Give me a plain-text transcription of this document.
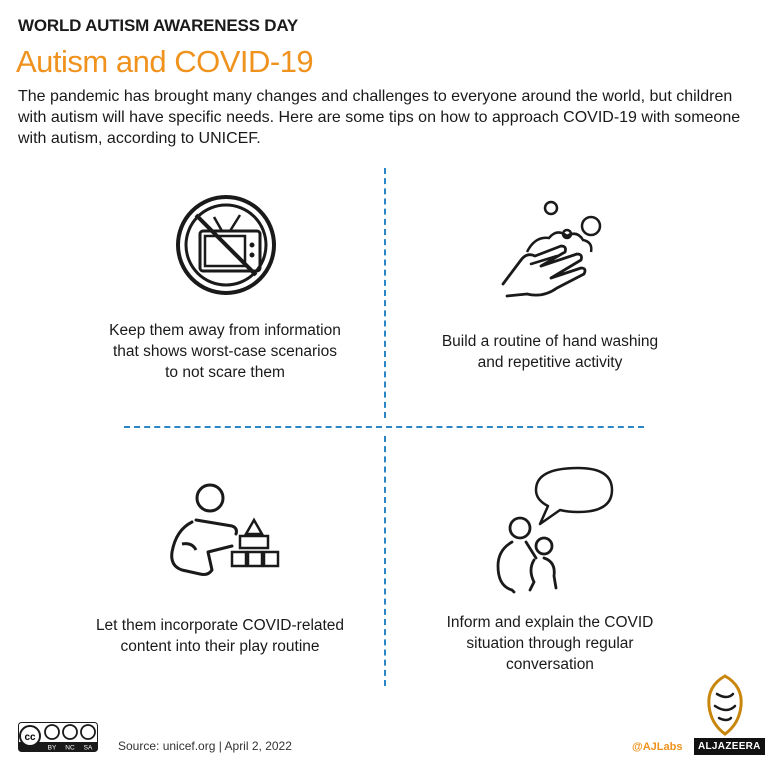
WORLD AUTISM AWARENESS DAY
Autism and COVID-19
The pandemic has brought many changes and challenges to everyone around the world, but children with autism will have specific needs. Here are some tips on how to approach COVID-19 with someone with autism, according to UNICEF.
Keep them away from information
that shows worst-case scenarios
to not scare them
Build a routine of hand washing
and repetitive activity
Let them incorporate COVID-related
content into their play routine
Inform and explain the COVID
situation through regular
conversation
cc
BY NC SA Source: unicef.org | April 2, 2022	@AJLabs	ALJAZEERA
